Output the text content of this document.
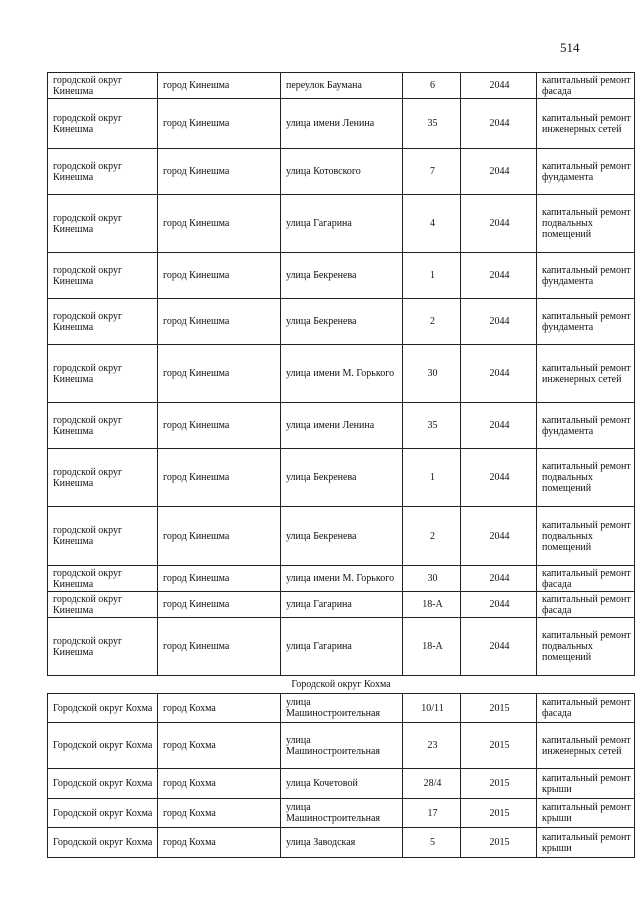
514
городской округ Кинешма	город Кинешма	переулок Баумана	6	2044	капитальный ремонт фасада
городской округ Кинешма	город Кинешма	улица имени Ленина	35	2044	капитальный ремонт инженерных сетей
городской округ Кинешма	город Кинешма	улица Котовского	7	2044	капитальный ремонт фундамента
городской округ Кинешма	город Кинешма	улица Гагарина	4	2044	капитальный ремонт подвальных помещений
городской округ Кинешма	город Кинешма	улица Бекренева	1	2044	капитальный ремонт фундамента
городской округ Кинешма	город Кинешма	улица Бекренева	2	2044	капитальный ремонт фундамента
городской округ Кинешма	город Кинешма	улица имени М. Горького	30	2044	капитальный ремонт инженерных сетей
городской округ Кинешма	город Кинешма	улица имени Ленина	35	2044	капитальный ремонт фундамента
городской округ Кинешма	город Кинешма	улица Бекренева	1	2044	капитальный ремонт подвальных помещений
городской округ Кинешма	город Кинешма	улица Бекренева	2	2044	капитальный ремонт подвальных помещений
городской округ Кинешма	город Кинешма	улица имени М. Горького	30	2044	капитальный ремонт фасада
городской округ Кинешма	город Кинешма	улица Гагарина	18-А	2044	капитальный ремонт фасада
городской округ Кинешма	город Кинешма	улица Гагарина	18-А	2044	капитальный ремонт подвальных помещений
Городской округ Кохма					
Городской округ Кохма	город Кохма	улица Машиностроительная	10/11	2015	капитальный ремонт фасада
Городской округ Кохма	город Кохма	улица Машиностроительная	23	2015	капитальный ремонт инженерных сетей
Городской округ Кохма	город Кохма	улица Кочетовой	28/4	2015	капитальный ремонт крыши
Городской округ Кохма	город Кохма	улица Машиностроительная	17	2015	капитальный ремонт крыши
Городской округ Кохма	город Кохма	улица Заводская	5	2015	капитальный ремонт крыши
